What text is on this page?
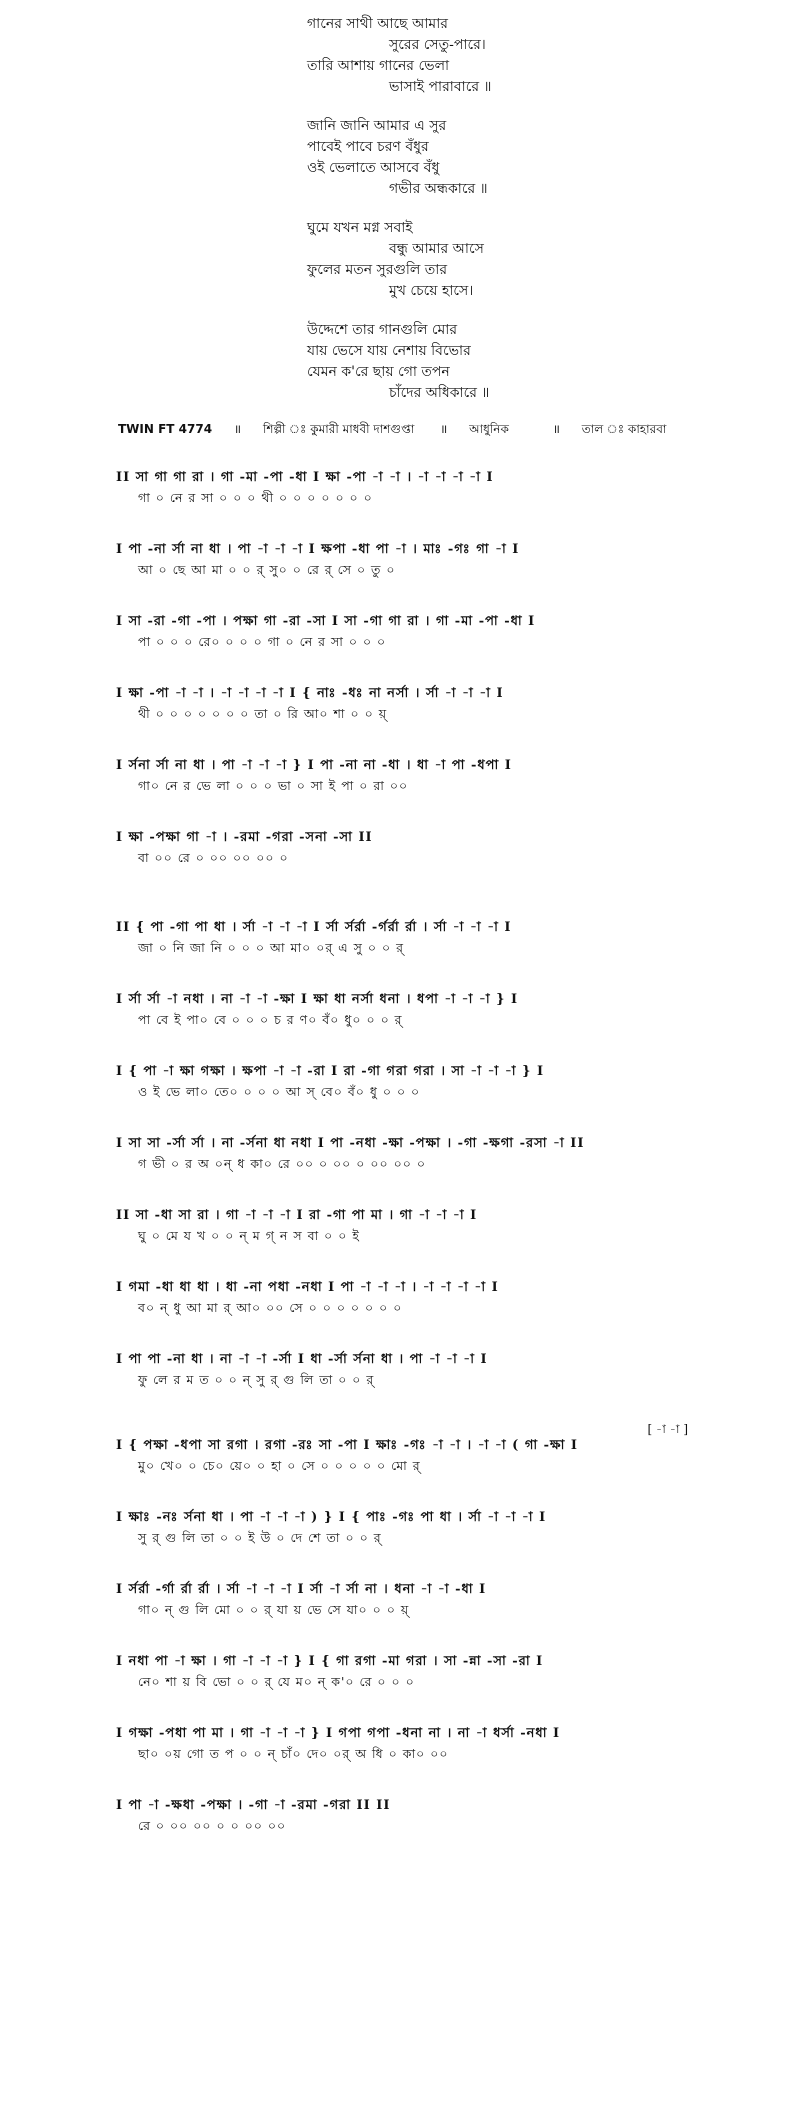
গানের সাথী আছে আমার
সুরের সেতু-পারে।
তারি আশায় গানের ভেলা
ভাসাই পারাবারে ॥
জানি জানি আমার এ সুর
পাবেই পাবে চরণ বঁধুর
ওই ভেলাতে আসবে বঁধু
গভীর অন্ধকারে ॥
ঘুমে যখন মগ্ন সবাই
বন্ধু আমার আসে
ফুলের মতন সুরগুলি তার
মুখ চেয়ে হাসে।
উদ্দেশে তার গানগুলি মোর
যায় ভেসে যায় নেশায় বিভোর
যেমন ক'রে ছায় গো তপন
চাঁদের অধিকারে ॥
TWIN FT 4774 ॥ শিল্পী ঃ কুমারী মাধবী দাশগুপ্তা ॥ আধুনিক	॥ তাল ঃ কাহারবা
II সা গা গা রা । গা -মা -পা -ধা I ক্ষা -পা -া -া । -া -া -া -া I
গা ০ নে র সা ০ ০ ০ থী ০ ০ ০ ০ ০ ০ ০
I পা -না র্সা না ধা । পা -া -া -া I ক্ষপা -ধা পা -া । মাঃ -গঃ গা -া I
আ ০ ছে আ মা ০ ০ র্ সু০ ০ রে র্ সে ০ তু ০
I সা -রা -গা -পা । পক্ষা গা -রা -সা I সা -গা গা রা । গা -মা -পা -ধা I
পা ০ ০ ০ রে০ ০ ০ ০ গা ০ নে র সা ০ ০ ০
I ক্ষা -পা -া -া । -া -া -া -া I { নাঃ -ধঃ না নর্সা । র্সা -া -া -া I
থী ০ ০ ০ ০ ০ ০ ০ তা ০ রি আ০ শা ০ ০ য়্
I র্সনা র্সা না ধা । পা -া -া -া } I পা -না না -ধা । ধা -া পা -ধপা I
গা০ নে র ভে লা ০ ০ ০ ভা ০ সা ই পা ০ রা ০০
I ক্ষা -পক্ষা গা -া । -রমা -গরা -সনা -সা II
বা ০০ রে ০ ০০ ০০ ০০ ০
II { পা -গা পা ধা । র্সা -া -া -া I র্সা র্সর্রা -র্গর্রা র্রা । র্সা -া -া -া I
জা ০ নি জা নি ০ ০ ০ আ মা০ ০র্ এ সু ০ ০ র্
I র্সা র্সা -া নধা । না -া -া -ক্ষা I ক্ষা ধা নর্সা ধনা । ধপা -া -া -া } I
পা বে ই পা০ বে ০ ০ ০ চ র ণ০ বঁ০ ধু০ ০ ০ র্
I { পা -া ক্ষা গক্ষা । ক্ষপা -া -া -রা I রা -গা গরা গরা । সা -া -া -া } I
ও ই ভে লা০ তে০ ০ ০ ০ আ স্ বে০ বঁ০ ধু ০ ০ ০
I সা সা -র্সা র্সা । না -র্সনা ধা নধা I পা -নধা -ক্ষা -পক্ষা । -গা -ক্ষগা -রসা -া II
গ ভী ০ র অ ০ন্ ধ কা০ রে ০০ ০ ০০ ০ ০০ ০০ ০
II সা -ধা সা রা । গা -া -া -া I রা -গা পা মা । গা -া -া -া I
ঘু ০ মে য খ ০ ০ ন্ ম গ্ ন স বা ০ ০ ই
I গমা -ধা ধা ধা । ধা -না পধা -নধা I পা -া -া -া । -া -া -া -া I
ব০ ন্ ধু আ মা র্ আ০ ০০ সে ০ ০ ০ ০ ০ ০ ০
I পা পা -না ধা । না -া -া -র্সা I ধা -র্সা র্সনা ধা । পা -া -া -া I
ফু লে র ম ত ০ ০ ন্ সু র্ গু লি তা ০ ০ র্
[ -া -া ]
I { পক্ষা -ধপা সা রগা । রগা -রঃ সা -পা I ক্ষাঃ -গঃ -া -া । -া -া ( গা -ক্ষা I
মু০ খে০ ০ চে০ য়ে০ ০ হা ০ সে ০ ০ ০ ০ ০ মো র্
I ক্ষাঃ -নঃ র্সনা ধা । পা -া -া -া ) } I { পাঃ -গঃ পা ধা । র্সা -া -া -া I
সু র্ গু লি তা ০ ০ ই উ ০ দে শে তা ০ ০ র্
I র্সর্রা -র্গা র্রা র্রা । র্সা -া -া -া I র্সা -া র্সা না । ধনা -া -া -ধা I
গা০ ন্ গু লি মো ০ ০ র্ যা য় ভে সে যা০ ০ ০ য়্
I নধা পা -া ক্ষা । গা -া -া -া } I { গা রগা -মা গরা । সা -ন্না -সা -রা I
নে০ শা য় বি ভো ০ ০ র্ যে ম০ ন্ ক'০ রে ০ ০ ০
I গক্ষা -পধা পা মা । গা -া -া -া } I গপা গপা -ধনা না । না -া ধর্সা -নধা I
ছা০ ০য় গো ত প ০ ০ ন্ চাঁ০ দে০ ০র্ অ ধি ০ কা০ ০০
I পা -া -ক্ষধা -পক্ষা । -গা -া -রমা -গরা II II
রে ০ ০০ ০০ ০ ০ ০০ ০০
